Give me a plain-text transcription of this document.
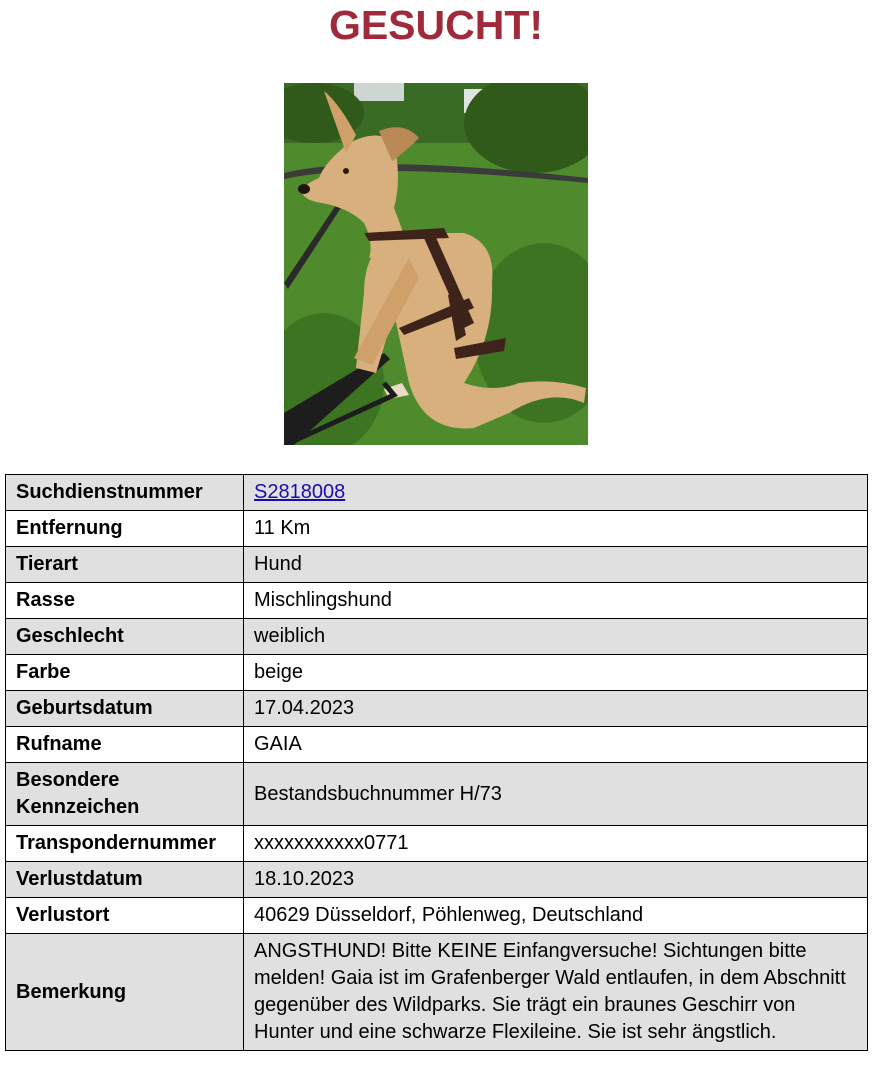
GESUCHT!
Suchdienstnummer	S2818008
Entfernung	11 Km
Tierart	Hund
Rasse	Mischlingshund
Geschlecht	weiblich
Farbe	beige
Geburtsdatum	17.04.2023
Rufname	GAIA
Besondere Kennzeichen	Bestandsbuchnummer H/73
Transpondernummer	xxxxxxxxxxx0771
Verlustdatum	18.10.2023
Verlustort	40629 Düsseldorf, Pöhlenweg, Deutschland
Bemerkung	ANGSTHUND! Bitte KEINE Einfangversuche! Sichtungen bitte melden! Gaia ist im Grafenberger Wald entlaufen, in dem Abschnitt gegenüber des Wildparks. Sie trägt ein braunes Geschirr von Hunter und eine schwarze Flexileine. Sie ist sehr ängstlich.
